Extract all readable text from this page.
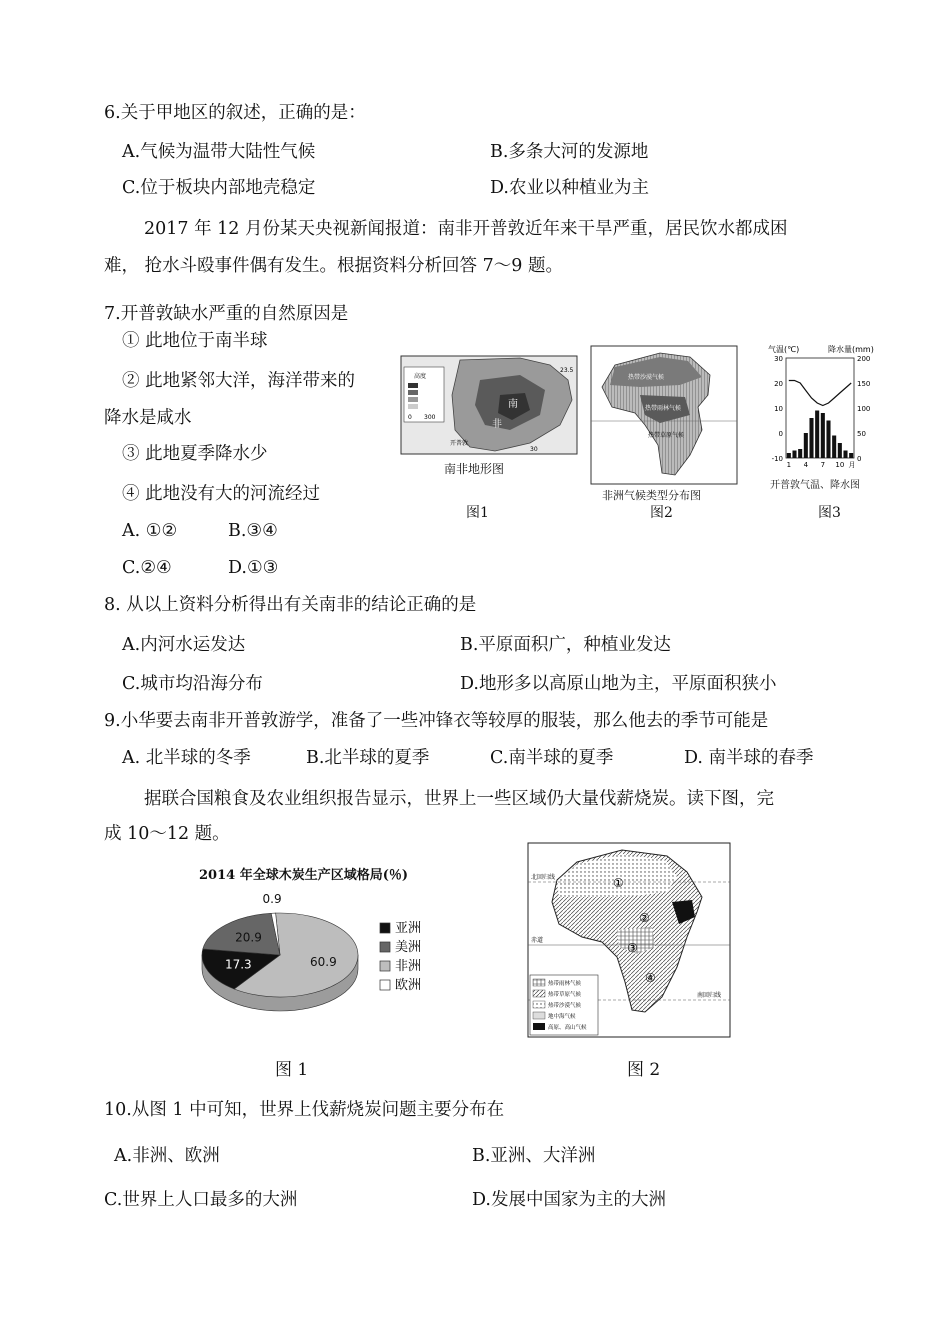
6.关于甲地区的叙述，正确的是：
A.气候为温带大陆性气候	B.多条大河的发源地
C.位于板块内部地壳稳定	D.农业以种植业为主
2017 年 12 月份某天央视新闻报道：南非开普敦近年来干旱严重，居民饮水都成困
难， 抢水斗殴事件偶有发生。根据资料分析回答 7～9 题。
7.开普敦缺水严重的自然原因是
① 此地位于南半球
② 此地紧邻大洋，海洋带来的
降水是咸水
③ 此地夏季降水少
④ 此地没有大的河流经过
A. ①②	B.③④
C.②④	D.①③
高度
南
非
开普敦
23.5
30
0 300
南非地形图
图1
热带沙漠气候
热带雨林气候
热带草原气候
非洲气候类型分布图
图2
气温(℃)	降水量(mm)
30
20
10
0
-10
200
150
100
50
0
1 4 7 10 月
开普敦气温、降水图
图3
8. 从以上资料分析得出有关南非的结论正确的是
A.内河水运发达	B.平原面积广，种植业发达
C.城市均沿海分布	D.地形多以高原山地为主，平原面积狭小
9.小华要去南非开普敦游学，准备了一些冲锋衣等较厚的服装，那么他去的季节可能是
A. 北半球的冬季	B.北半球的夏季	C.南半球的夏季	D. 南半球的春季
据联合国粮食及农业组织报告显示，世界上一些区域仍大量伐薪烧炭。读下图，完
成 10～12 题。
2014 年全球木炭生产区域格局(％)
60.9
17.3
20.9
0.9
亚洲
美洲
非洲
欧洲
图 1
北回归线
赤道
南回归线
①
②
③
④
热带雨林气候
热带草原气候
热带沙漠气候
地中海气候
高原、高山气候
图 2
10.从图 1 中可知，世界上伐薪烧炭问题主要分布在
A.非洲、欧洲	B.亚洲、大洋洲
C.世界上人口最多的大洲	D.发展中国家为主的大洲
